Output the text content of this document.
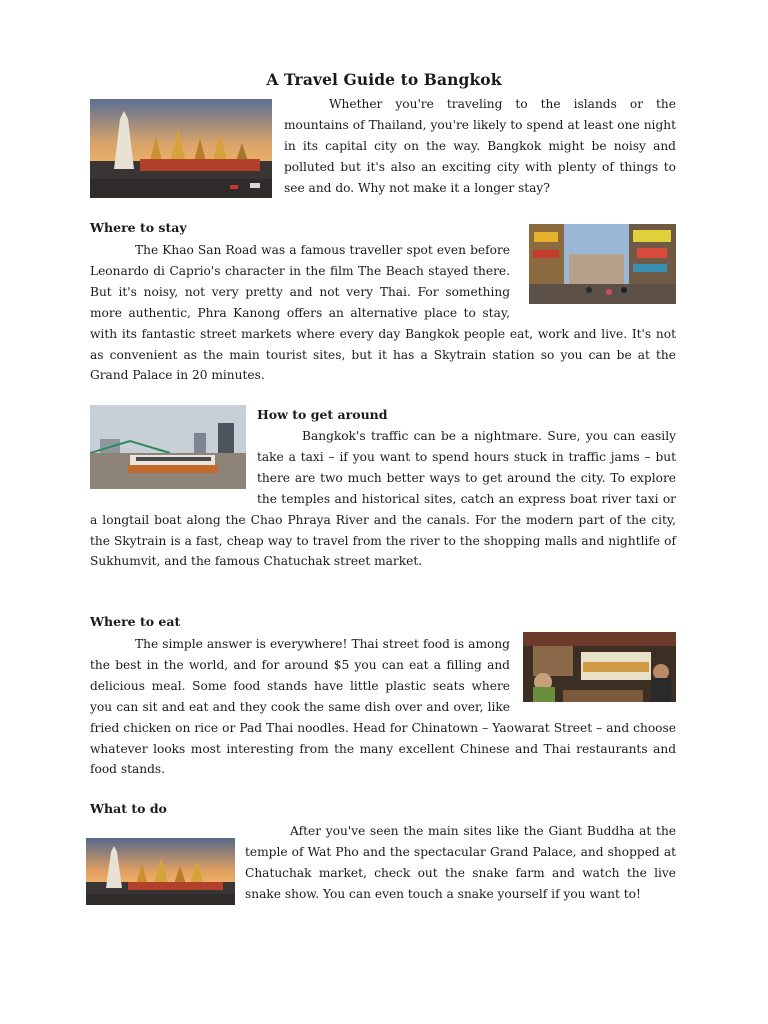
A Travel Guide to Bangkok

Whether you're traveling to the islands or the mountains of Thailand, you're likely to spend at least one night in its capital city on the way. Bangkok might be noisy and polluted but it's also an exciting city with plenty of things to see and do. Why not make it a longer stay?

Where to stay

The Khao San Road was a famous traveller spot even before Leonardo di Caprio's character in the film The Beach stayed there. But it's noisy, not very pretty and not very Thai. For something more authentic, Phra Kanong offers an alternative place to stay, with its fantastic street markets where every day Bangkok people eat, work and live. It's not as convenient as the main tourist sites, but it has a Skytrain station so you can be at the Grand Palace in 20 minutes.

How to get around

Bangkok's traffic can be a nightmare. Sure, you can easily take a taxi – if you want to spend hours stuck in traffic jams – but there are two much better ways to get around the city. To explore the temples and historical sites, catch an express boat river taxi or a longtail boat along the Chao Phraya River and the canals. For the modern part of the city, the Skytrain is a fast, cheap way to travel from the river to the shopping malls and nightlife of Sukhumvit, and the famous Chatuchak street market.

Where to eat

The simple answer is everywhere! Thai street food is among the best in the world, and for around $5 you can eat a filling and delicious meal. Some food stands have little plastic seats where you can sit and eat and they cook the same dish over and over, like fried chicken on rice or Pad Thai noodles. Head for Chinatown – Yaowarat Street – and choose whatever looks most interesting from the many excellent Chinese and Thai restaurants and food stands.

What to do

After you've seen the main sites like the Giant Buddha at the temple of Wat Pho and the spectacular Grand Palace, and shopped at Chatuchak market, check out the snake farm and watch the live snake show. You can even touch a snake yourself if you want to!
